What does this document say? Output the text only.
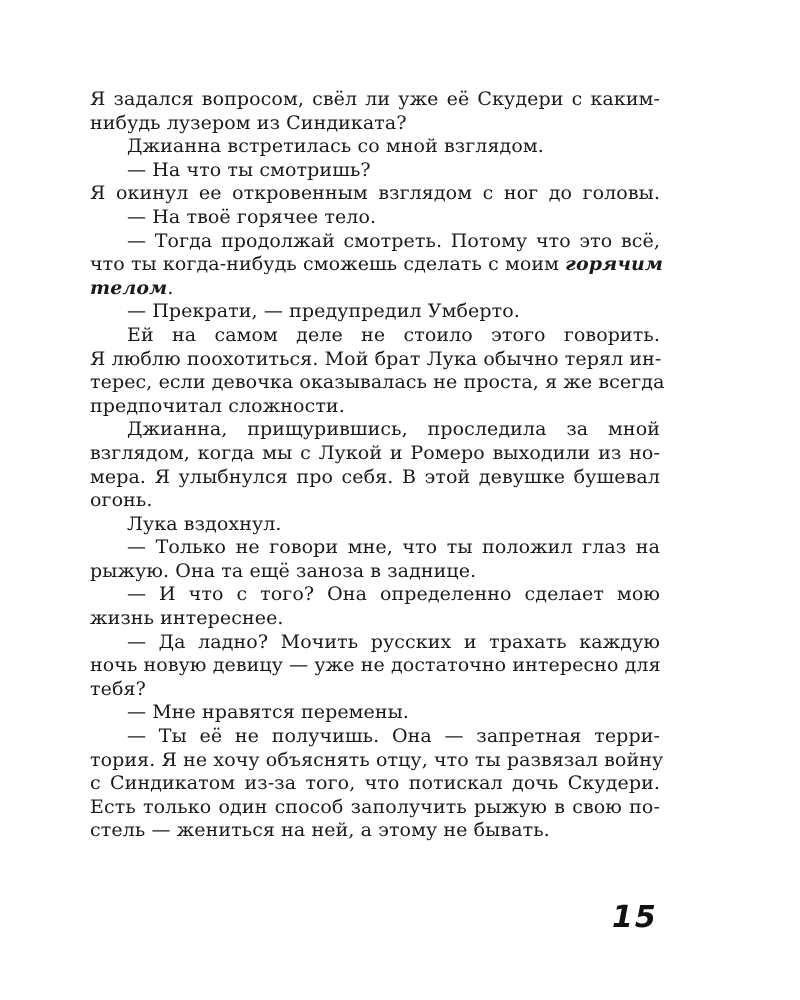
Я задался вопросом, свёл ли уже её Скудери с каким-
нибудь лузером из Синдиката?
Джианна встретилась со мной взглядом.
— На что ты смотришь?
Я окинул ее откровенным взглядом с ног до головы.
— На твоё горячее тело.
— Тогда продолжай смотреть. Потому что это всё,
что ты когда-нибудь сможешь сделать с моим горячим
телом.
— Прекрати, — предупредил Умберто.
Ей на самом деле не стоило этого говорить.
Я люблю поохотиться. Мой брат Лука обычно терял ин-
терес, если девочка оказывалась не проста, я же всегда
предпочитал сложности.
Джианна, прищурившись, проследила за мной
взглядом, когда мы с Лукой и Ромеро выходили из но-
мера. Я улыбнулся про себя. В этой девушке бушевал
огонь.
Лука вздохнул.
— Только не говори мне, что ты положил глаз на
рыжую. Она та ещё заноза в заднице.
— И что с того? Она определенно сделает мою
жизнь интереснее.
— Да ладно? Мочить русских и трахать каждую
ночь новую девицу — уже не достаточно интересно для
тебя?
— Мне нравятся перемены.
— Ты её не получишь. Она — запретная терри-
тория. Я не хочу объяснять отцу, что ты развязал войну
с Синдикатом из-за того, что потискал дочь Скудери.
Есть только один способ заполучить рыжую в свою по-
стель — жениться на ней, а этому не бывать.
15
